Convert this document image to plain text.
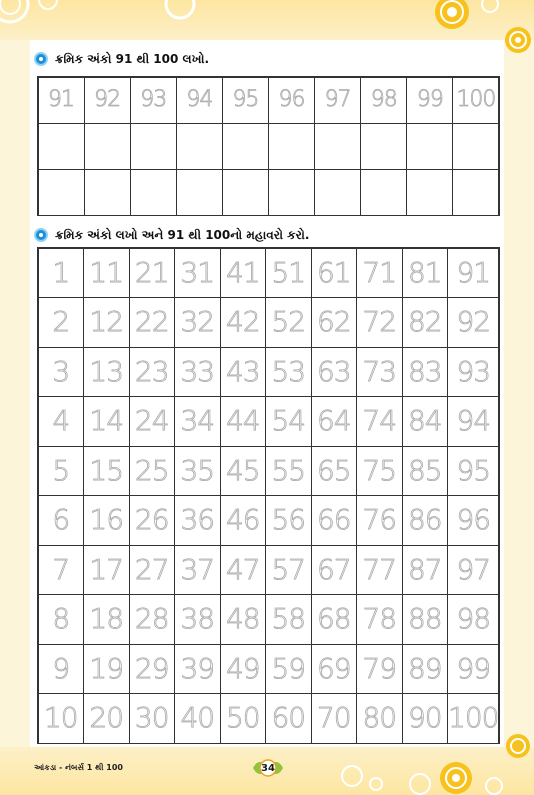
ક્રમિક અંકો 91 થી 100 લખો.
91 92 93 94 95 96 97 98 99 100
ક્રમિક અંકો લખો અને 91 થી 100નો મહાવરો કરો.
1 11 21 31 41 51 61 71 81 91
2 12 22 32 42 52 62 72 82 92
3 13 23 33 43 53 63 73 83 93
4 14 24 34 44 54 64 74 84 94
5 15 25 35 45 55 65 75 85 95
6 16 26 36 46 56 66 76 86 96
7 17 27 37 47 57 67 77 87 97
8 18 28 38 48 58 68 78 88 98
9 19 29 39 49 59 69 79 89 99
10 20 30 40 50 60 70 80 90 100
આંકડા - નંબર્સ 1 થી 100	34
